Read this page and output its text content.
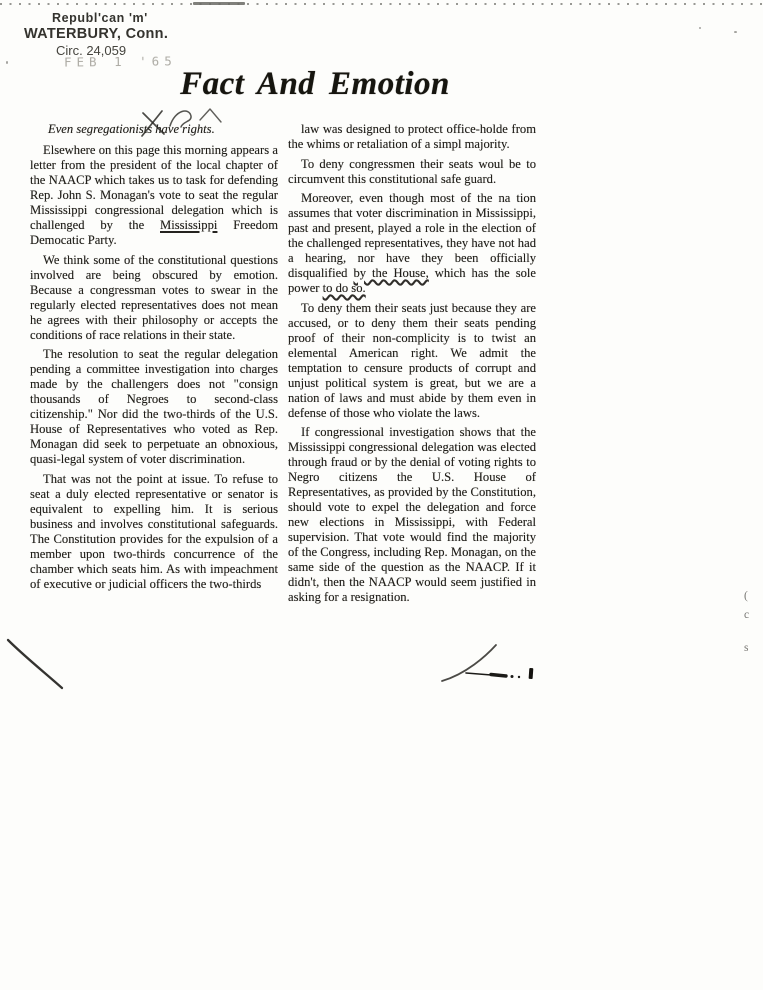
Republ'can 'm'
WATERBURY, Conn.
Circ. 24,059
FEB 1 '65
Fact And Emotion

Even segregationists have rights.

Elsewhere on this page this morning appears a letter from the president of the local chapter of the NAACP which takes us to task for defending Rep. John S. Monagan's vote to seat the regular Mississippi congressional delegation which is challenged by the Mississippi Freedom Democatic Party.

We think some of the constitutional questions involved are being obscured by emotion. Because a congressman votes to swear in the regularly elected representatives does not mean he agrees with their philosophy or accepts the conditions of race relations in their state.

The resolution to seat the regular delegation pending a committee investigation into charges made by the challengers does not "consign thousands of Negroes to second-class citizenship." Nor did the two-thirds of the U.S. House of Representatives who voted as Rep. Monagan did seek to perpetuate an obnoxious, quasi-legal system of voter discrimination.

That was not the point at issue. To refuse to seat a duly elected representative or senator is equivalent to expelling him. It is serious business and involves constitutional safeguards. The Constitution provides for the expulsion of a member upon two-thirds concurrence of the chamber which seats him. As with impeachment of executive or judicial officers the two-thirds

law was designed to protect office-holde from the whims or retaliation of a simpl majority.

To deny congressmen their seats woul be to circumvent this constitutional safe guard.

Moreover, even though most of the na tion assumes that voter discrimination in Mississippi, past and present, played a role in the election of the challenged representatives, they have not had a hearing, nor have they been officially disqualified by the House, which has the sole power to do so.

To deny them their seats just because they are accused, or to deny them their seats pending proof of their non-complicity is to twist an elemental American right. We admit the temptation to censure products of corrupt and unjust political system is great, but we are a nation of laws and must abide by them even in defense of those who violate the laws.

If congressional investigation shows that the Mississippi congressional delegation was elected through fraud or by the denial of voting rights to Negro citizens the U.S. House of Representatives, as provided by the Constitution, should vote to expel the delegation and force new elections in Mississippi, with Federal supervision. That vote would find the majority of the Congress, including Rep. Monagan, on the same side of the question as the NAACP. If it didn't, then the NAACP would seem justified in asking for a resignation.	(
c
s
